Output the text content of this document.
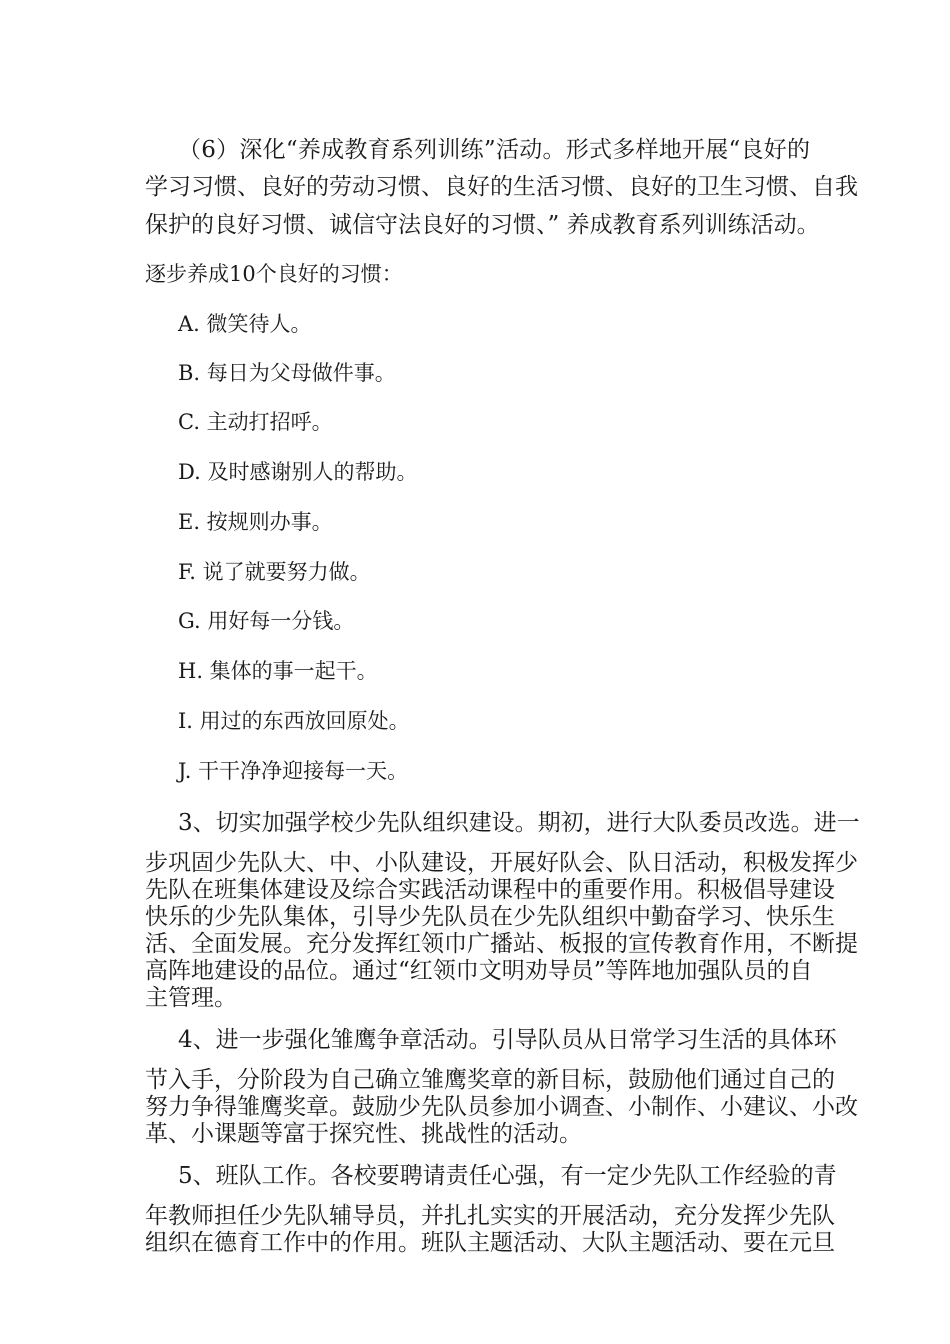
（6）深化“养成教育系列训练”活动。形式多样地开展“良好的
学习习惯、良好的劳动习惯、良好的生活习惯、良好的卫生习惯、自我
保护的良好习惯、诚信守法良好的习惯、” 养成教育系列训练活动。
逐步养成10个良好的习惯：
A. 微笑待人。
B. 每日为父母做件事。
C. 主动打招呼。
D. 及时感谢别人的帮助。
E. 按规则办事。
F. 说了就要努力做。
G. 用好每一分钱。
H. 集体的事一起干。
I. 用过的东西放回原处。
J. 干干净净迎接每一天。
3、切实加强学校少先队组织建设。期初，进行大队委员改选。进一
步巩固少先队大、中、小队建设，开展好队会、队日活动，积极发挥少
先队在班集体建设及综合实践活动课程中的重要作用。积极倡导建设
快乐的少先队集体，引导少先队员在少先队组织中勤奋学习、快乐生
活、全面发展。充分发挥红领巾广播站、板报的宣传教育作用，不断提
高阵地建设的品位。通过“红领巾文明劝导员”等阵地加强队员的自
主管理。
4、进一步强化雏鹰争章活动。引导队员从日常学习生活的具体环
节入手，分阶段为自己确立雏鹰奖章的新目标，鼓励他们通过自己的
努力争得雏鹰奖章。鼓励少先队员参加小调查、小制作、小建议、小改
革、小课题等富于探究性、挑战性的活动。
5、班队工作。各校要聘请责任心强，有一定少先队工作经验的青
年教师担任少先队辅导员，并扎扎实实的开展活动，充分发挥少先队
组织在德育工作中的作用。班队主题活动、大队主题活动、要在元旦
